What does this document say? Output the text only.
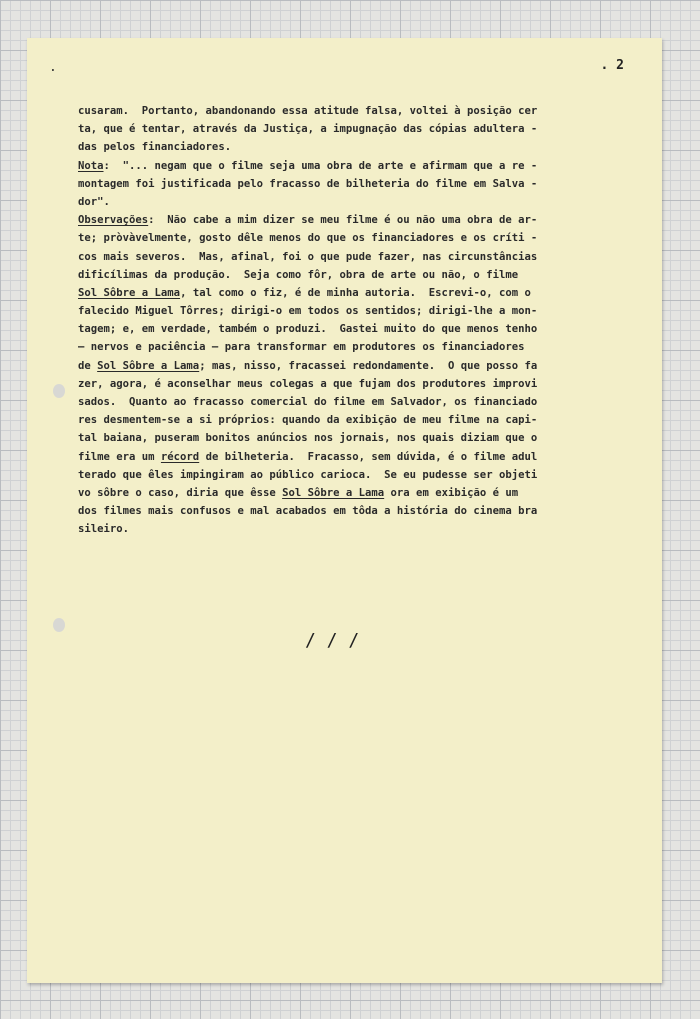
.	. 2
cusaram.  Portanto, abandonando essa atitude falsa, voltei à posição cer
ta, que é tentar, através da Justiça, a impugnação das cópias adultera -
das pelos financiadores.
Nota:  "... negam que o filme seja uma obra de arte e afirmam que a re -
montagem foi justificada pelo fracasso de bilheteria do filme em Salva -
dor".
Observações:  Não cabe a mim dizer se meu filme é ou não uma obra de ar-
te; pròvàvelmente, gosto dêle menos do que os financiadores e os críti -
cos mais severos.  Mas, afinal, foi o que pude fazer, nas circunstâncias
dificílimas da produção.  Seja como fôr, obra de arte ou não, o filme
Sol Sôbre a Lama, tal como o fiz, é de minha autoria.  Escrevi-o, com o
falecido Miguel Tôrres; dirigi-o em todos os sentidos; dirigi-lhe a mon-
tagem; e, em verdade, também o produzi.  Gastei muito do que menos tenho
— nervos e paciência — para transformar em produtores os financiadores
de Sol Sôbre a Lama; mas, nisso, fracassei redondamente.  O que posso fa
zer, agora, é aconselhar meus colegas a que fujam dos produtores improvi
sados.  Quanto ao fracasso comercial do filme em Salvador, os financiado
res desmentem-se a si próprios: quando da exibição de meu filme na capi-
tal baiana, puseram bonitos anúncios nos jornais, nos quais diziam que o
filme era um récord de bilheteria.  Fracasso, sem dúvida, é o filme adul
terado que êles impingiram ao público carioca.  Se eu pudesse ser objeti
vo sôbre o caso, diria que êsse Sol Sôbre a Lama ora em exibição é um
dos filmes mais confusos e mal acabados em tôda a história do cinema bra
sileiro.
/ / /
